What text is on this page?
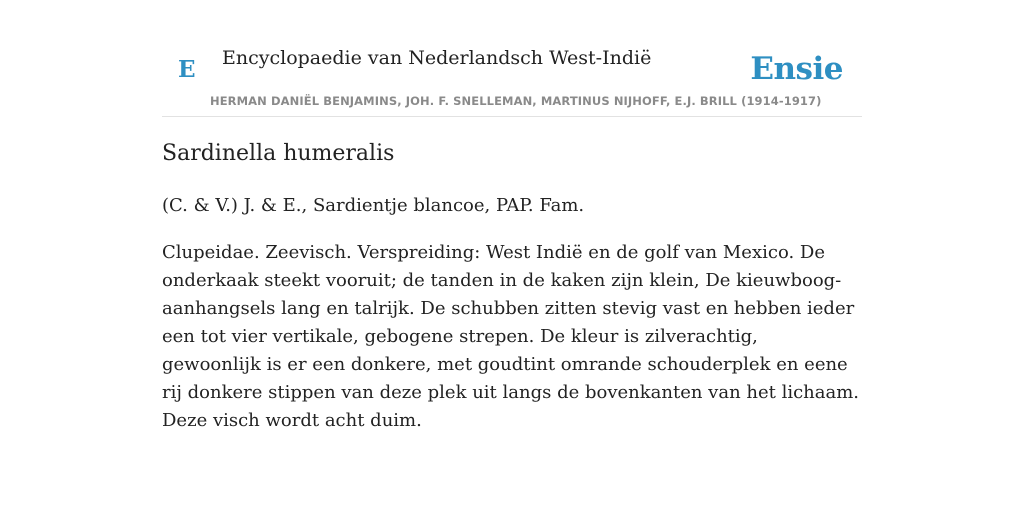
E Encyclopaedie van Nederlandsch West-Indië	Ensie
HERMAN DANIËL BENJAMINS, JOH. F. SNELLEMAN, MARTINUS NIJHOFF, E.J. BRILL (1914-1917)
Sardinella humeralis

(C. & V.) J. & E., Sardientje blancoe, PAP. Fam.

Clupeidae. Zeevisch. Verspreiding: West Indië en de golf van Mexico. De onderkaak steekt vooruit; de tanden in de kaken zijn klein, De kieuwboog-aanhangsels lang en talrijk. De schubben zitten stevig vast en hebben ieder een tot vier vertikale, gebogene strepen. De kleur is zilverachtig, gewoonlijk is er een donkere, met goudtint omrande schouderplek en eene rij donkere stippen van deze plek uit langs de bovenkanten van het lichaam. Deze visch wordt acht duim.
